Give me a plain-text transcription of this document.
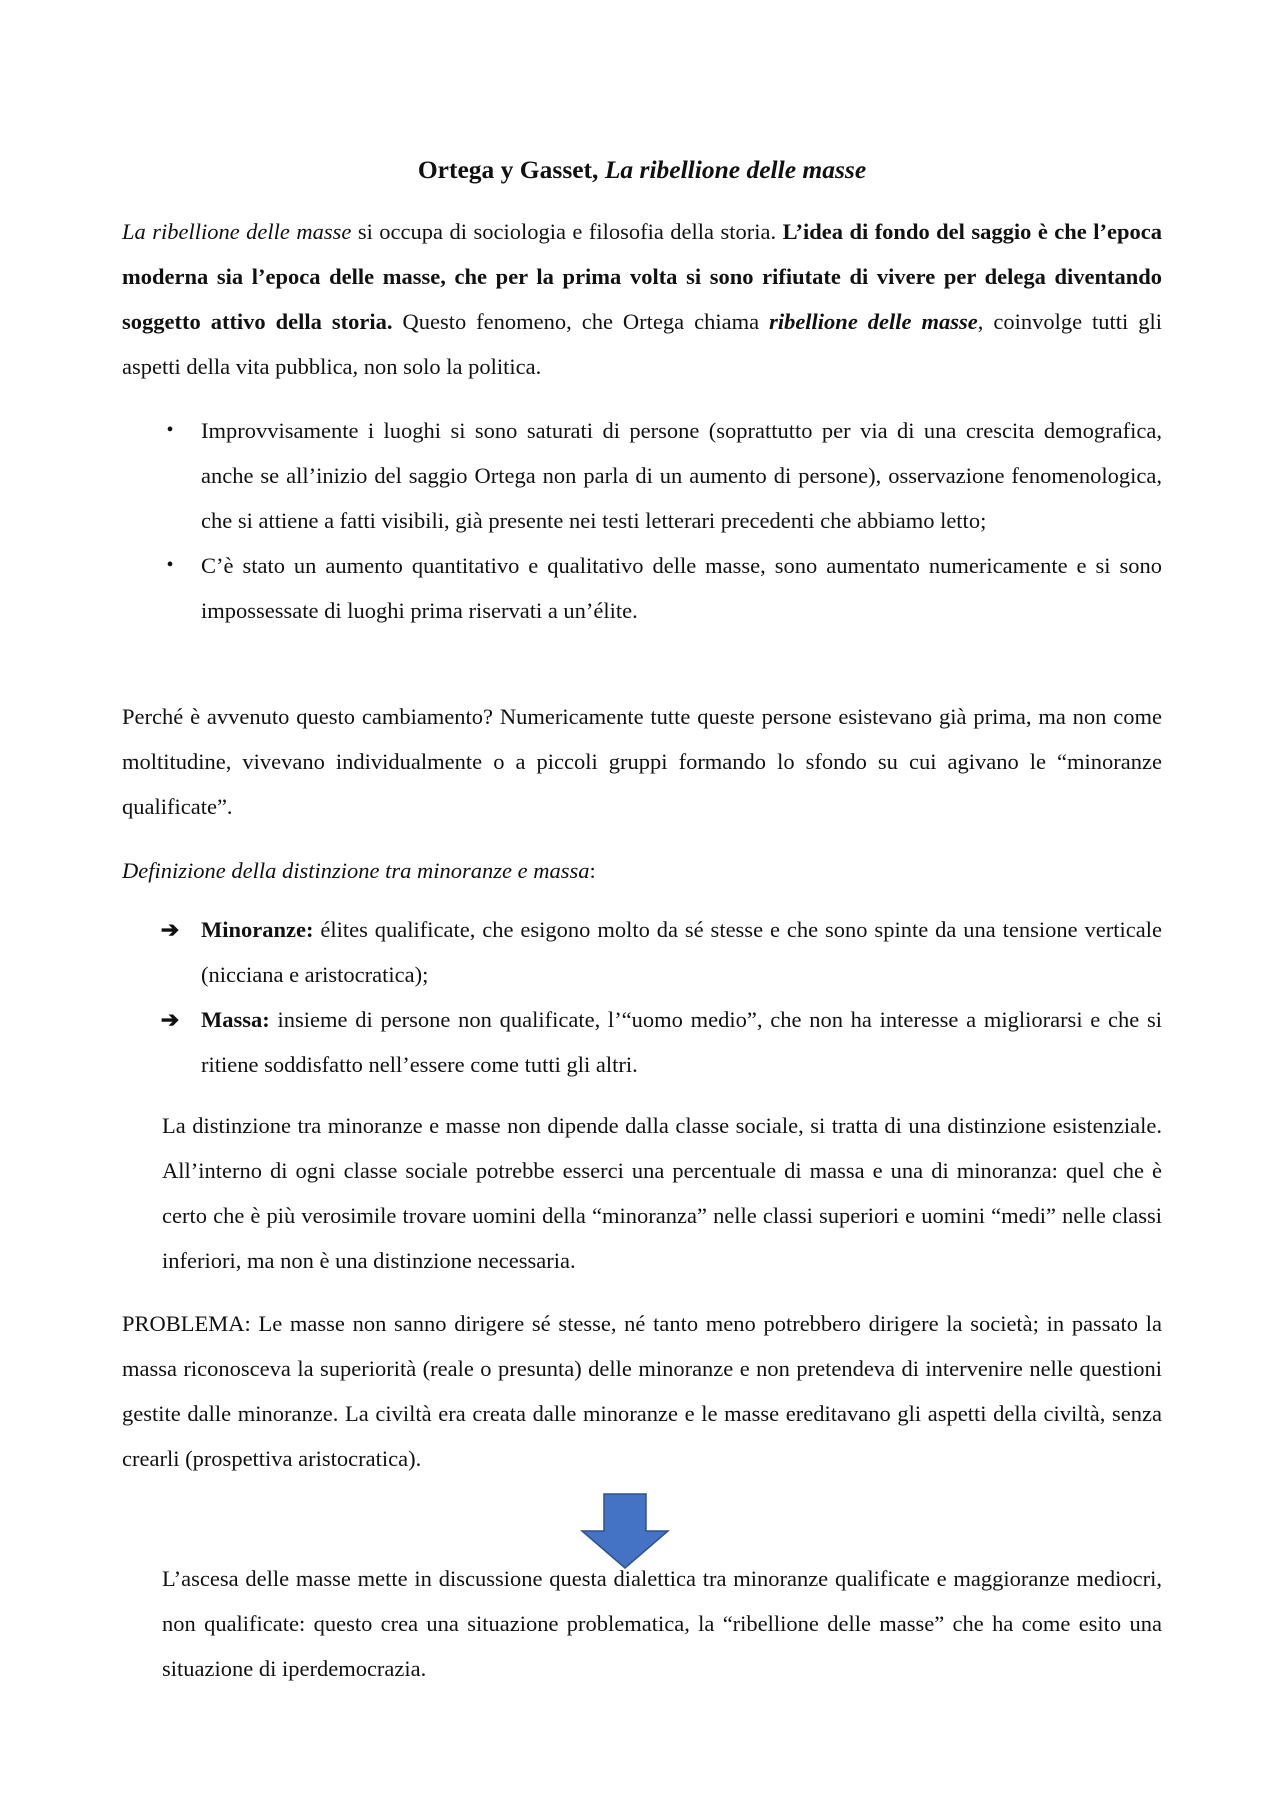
Ortega y Gasset, La ribellione delle masse

La ribellione delle masse si occupa di sociologia e filosofia della storia. L’idea di fondo del saggio è che l’epoca moderna sia l’epoca delle masse, che per la prima volta si sono rifiutate di vivere per delega diventando soggetto attivo della storia. Questo fenomeno, che Ortega chiama ribellione delle masse, coinvolge tutti gli aspetti della vita pubblica, non solo la politica.

• Improvvisamente i luoghi si sono saturati di persone (soprattutto per via di una crescita demografica, anche se all’inizio del saggio Ortega non parla di un aumento di persone), osservazione fenomenologica, che si attiene a fatti visibili, già presente nei testi letterari precedenti che abbiamo letto;
• C’è stato un aumento quantitativo e qualitativo delle masse, sono aumentato numericamente e si sono impossessate di luoghi prima riservati a un’élite.

Perché è avvenuto questo cambiamento? Numericamente tutte queste persone esistevano già prima, ma non come moltitudine, vivevano individualmente o a piccoli gruppi formando lo sfondo su cui agivano le “minoranze qualificate”.

Definizione della distinzione tra minoranze e massa:

➔ Minoranze: élites qualificate, che esigono molto da sé stesse e che sono spinte da una tensione verticale (nicciana e aristocratica);
➔ Massa: insieme di persone non qualificate, l’“uomo medio”, che non ha interesse a migliorarsi e che si ritiene soddisfatto nell’essere come tutti gli altri.

La distinzione tra minoranze e masse non dipende dalla classe sociale, si tratta di una distinzione esistenziale. All’interno di ogni classe sociale potrebbe esserci una percentuale di massa e una di minoranza: quel che è certo che è più verosimile trovare uomini della “minoranza” nelle classi superiori e uomini “medi” nelle classi inferiori, ma non è una distinzione necessaria.

PROBLEMA: Le masse non sanno dirigere sé stesse, né tanto meno potrebbero dirigere la società; in passato la massa riconosceva la superiorità (reale o presunta) delle minoranze e non pretendeva di intervenire nelle questioni gestite dalle minoranze. La civiltà era creata dalle minoranze e le masse ereditavano gli aspetti della civiltà, senza crearli (prospettiva aristocratica).

L’ascesa delle masse mette in discussione questa dialettica tra minoranze qualificate e maggioranze mediocri, non qualificate: questo crea una situazione problematica, la “ribellione delle masse” che ha come esito una situazione di iperdemocrazia.
